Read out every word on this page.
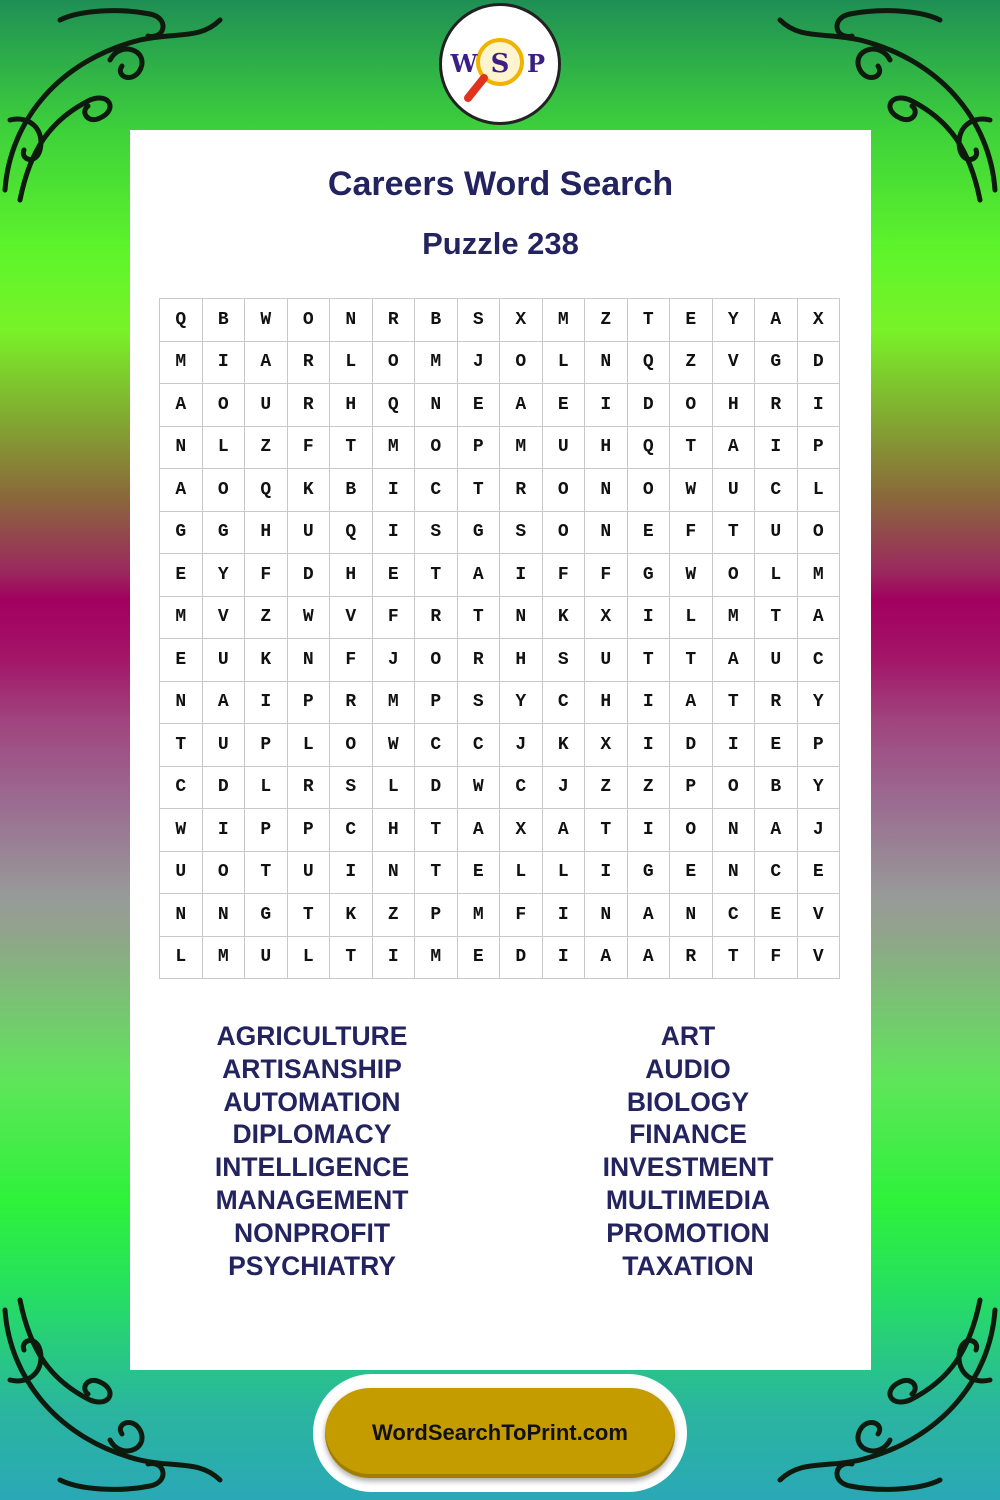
W S P
Careers Word Search
Puzzle 238
Q	B	W	O	N	R	B	S	X	M	Z	T	E	Y	A	X
M	I	A	R	L	O	M	J	O	L	N	Q	Z	V	G	D
A	O	U	R	H	Q	N	E	A	E	I	D	O	H	R	I
N	L	Z	F	T	M	O	P	M	U	H	Q	T	A	I	P
A	O	Q	K	B	I	C	T	R	O	N	O	W	U	C	L
G	G	H	U	Q	I	S	G	S	O	N	E	F	T	U	O
E	Y	F	D	H	E	T	A	I	F	F	G	W	O	L	M
M	V	Z	W	V	F	R	T	N	K	X	I	L	M	T	A
E	U	K	N	F	J	O	R	H	S	U	T	T	A	U	C
N	A	I	P	R	M	P	S	Y	C	H	I	A	T	R	Y
T	U	P	L	O	W	C	C	J	K	X	I	D	I	E	P
C	D	L	R	S	L	D	W	C	J	Z	Z	P	O	B	Y
W	I	P	P	C	H	T	A	X	A	T	I	O	N	A	J
U	O	T	U	I	N	T	E	L	L	I	G	E	N	C	E
N	N	G	T	K	Z	P	M	F	I	N	A	N	C	E	V
L	M	U	L	T	I	M	E	D	I	A	A	R	T	F	V
AGRICULTURE
ARTISANSHIP
AUTOMATION
DIPLOMACY
INTELLIGENCE
MANAGEMENT
NONPROFIT
PSYCHIATRY
ART
AUDIO
BIOLOGY
FINANCE
INVESTMENT
MULTIMEDIA
PROMOTION
TAXATION
WordSearchToPrint.com
